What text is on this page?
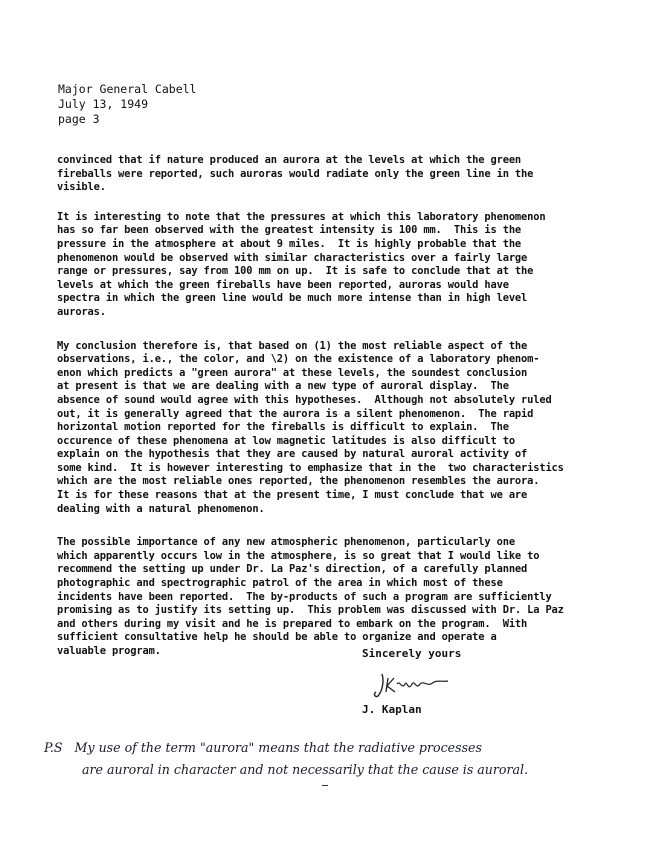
Major General Cabell
July 13, 1949
page 3
convinced that if nature produced an aurora at the levels at which the green
fireballs were reported, such auroras would radiate only the green line in the
visible.
It is interesting to note that the pressures at which this laboratory phenomenon
has so far been observed with the greatest intensity is 100 mm.  This is the
pressure in the atmosphere at about 9 miles.  It is highly probable that the
phenomenon would be observed with similar characteristics over a fairly large
range or pressures, say from 100 mm on up.  It is safe to conclude that at the
levels at which the green fireballs have been reported, auroras would have
spectra in which the green line would be much more intense than in high level
auroras.
My conclusion therefore is, that based on (1) the most reliable aspect of the
observations, i.e., the color, and \2) on the existence of a laboratory phenom-
enon which predicts a "green aurora" at these levels, the soundest conclusion
at present is that we are dealing with a new type of auroral display.  The
absence of sound would agree with this hypotheses.  Although not absolutely ruled
out, it is generally agreed that the aurora is a silent phenomenon.  The rapid
horizontal motion reported for the fireballs is difficult to explain.  The
occurence of these phenomena at low magnetic latitudes is also difficult to
explain on the hypothesis that they are caused by natural auroral activity of
some kind.  It is however interesting to emphasize that in the  two characteristics
which are the most reliable ones reported, the phenomenon resembles the aurora.
It is for these reasons that at the present time, I must conclude that we are
dealing with a natural phenomenon.
The possible importance of any new atmospheric phenomenon, particularly one
which apparently occurs low in the atmosphere, is so great that I would like to
recommend the setting up under Dr. La Paz's direction, of a carefully planned
photographic and spectrographic patrol of the area in which most of these
incidents have been reported.  The by-products of such a program are sufficiently
promising as to justify its setting up.  This problem was discussed with Dr. La Paz
and others during my visit and he is prepared to embark on the program.  With
sufficient consultative help he should be able to organize and operate a
valuable program.	Sincerely yours
J. Kaplan
P.S   My use of the term "aurora" means that the radiative processes
are auroral in character and not necessarily that the cause is auroral.
